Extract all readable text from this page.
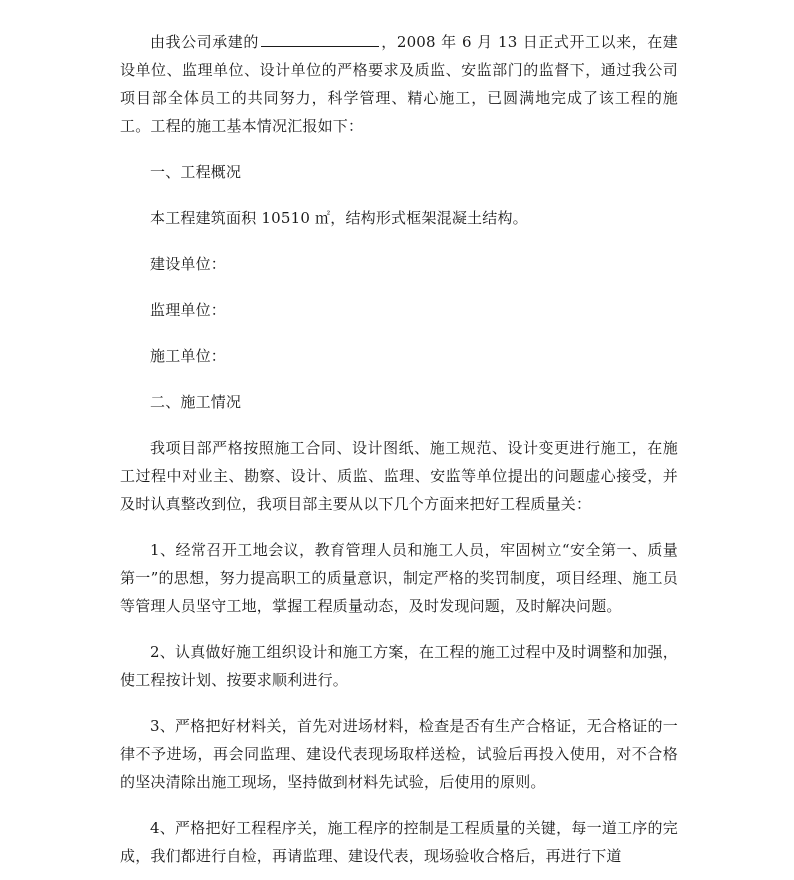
由我公司承建的	，2008 年 6 月 13 日正式开工以来，在建设单位、监理单位、设计单位的严格要求及质监、安监部门的监督下，通过我公司项目部全体员工的共同努力，科学管理、精心施工，已圆满地完成了该工程的施工。工程的施工基本情况汇报如下：

一、工程概况

本工程建筑面积 10510 ㎡，结构形式框架混凝土结构。

建设单位：

监理单位：

施工单位：

二、施工情况

我项目部严格按照施工合同、设计图纸、施工规范、设计变更进行施工，在施工过程中对业主、勘察、设计、质监、监理、安监等单位提出的问题虚心接受，并及时认真整改到位，我项目部主要从以下几个方面来把好工程质量关：

1、经常召开工地会议，教育管理人员和施工人员，牢固树立“安全第一、质量第一”的思想，努力提高职工的质量意识，制定严格的奖罚制度，项目经理、施工员等管理人员坚守工地，掌握工程质量动态，及时发现问题，及时解决问题。

2、认真做好施工组织设计和施工方案，在工程的施工过程中及时调整和加强，使工程按计划、按要求顺利进行。

3、严格把好材料关，首先对进场材料，检查是否有生产合格证，无合格证的一律不予进场，再会同监理、建设代表现场取样送检，试验后再投入使用，对不合格的坚决清除出施工现场，坚持做到材料先试验，后使用的原则。

4、严格把好工程程序关，施工程序的控制是工程质量的关键，每一道工序的完成，我们都进行自检，再请监理、建设代表，现场验收合格后，再进行下道
